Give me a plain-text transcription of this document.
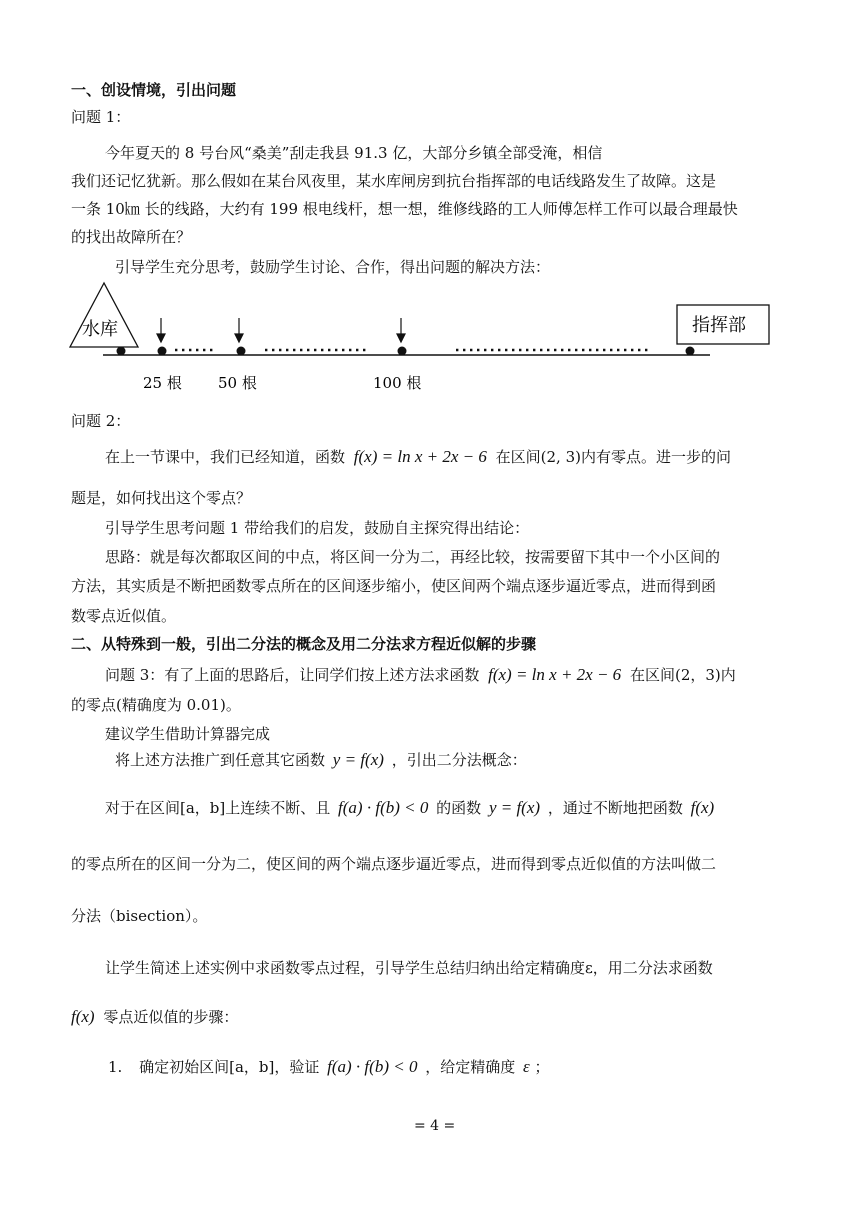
一、创设情境，引出问题
问题 1：
今年夏天的 8 号台风“桑美”刮走我县 91.3 亿，大部分乡镇全部受淹，相信
我们还记忆犹新。那么假如在某台风夜里，某水库闸房到抗台指挥部的电话线路发生了故障。这是
一条 10㎞ 长的线路，大约有 199 根电线杆，想一想，维修线路的工人师傅怎样工作可以最合理最快
的找出故障所在？
引导学生充分思考，鼓励学生讨论、合作，得出问题的解决方法：
水库	指挥部
25 根 50 根	100 根
问题 2：
在上一节课中，我们已经知道，函数 f(x) = ln x + 2x − 6 在区间(2, 3)内有零点。进一步的问
题是，如何找出这个零点？
引导学生思考问题 1 带给我们的启发，鼓励自主探究得出结论：
思路：就是每次都取区间的中点，将区间一分为二，再经比较，按需要留下其中一个小区间的
方法，其实质是不断把函数零点所在的区间逐步缩小，使区间两个端点逐步逼近零点，进而得到函
数零点近似值。
二、从特殊到一般，引出二分法的概念及用二分法求方程近似解的步骤
问题 3：有了上面的思路后，让同学们按上述方法求函数 f(x) = ln x + 2x − 6 在区间(2，3)内
的零点(精确度为 0.01)。
建议学生借助计算器完成
将上述方法推广到任意其它函数 y = f(x) ，引出二分法概念：
对于在区间[a，b]上连续不断、且 f(a) · f(b) < 0 的函数 y = f(x) ，通过不断地把函数 f(x)
的零点所在的区间一分为二，使区间的两个端点逐步逼近零点，进而得到零点近似值的方法叫做二
分法（bisection）。
让学生简述上述实例中求函数零点过程，引导学生总结归纳出给定精确度ε，用二分法求函数
f(x) 零点近似值的步骤：
1. 确定初始区间[a，b]，验证 f(a) · f(b) < 0 ，给定精确度 ε ；
= 4 =
